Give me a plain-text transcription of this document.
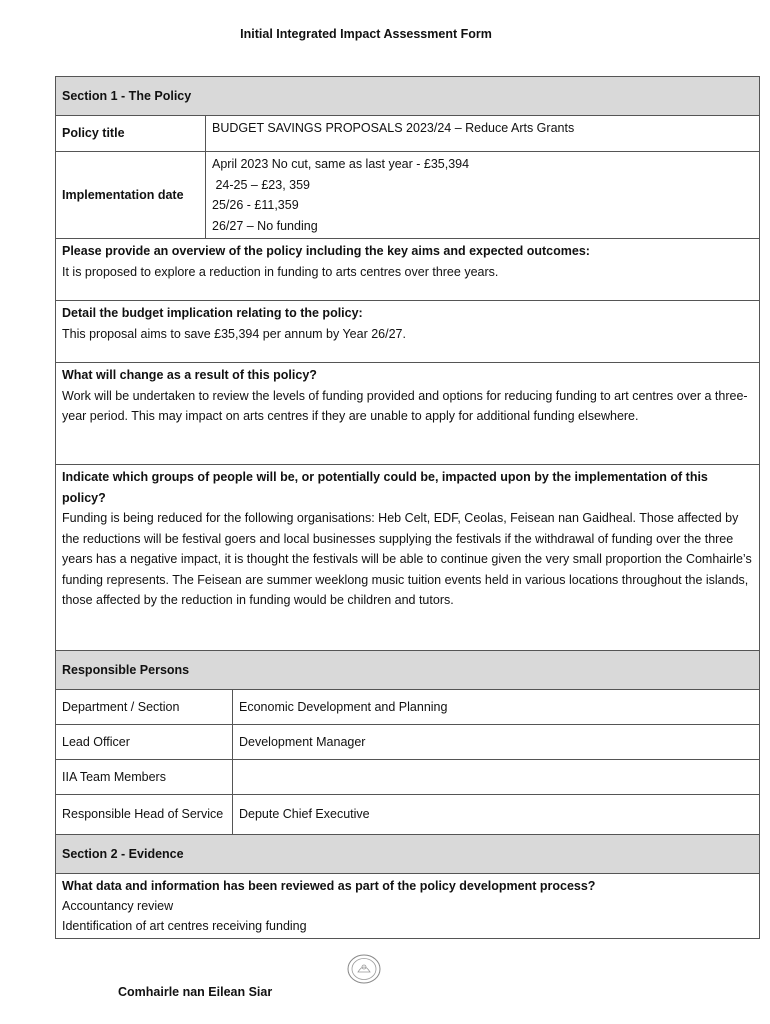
Initial Integrated Impact Assessment Form
Section 1 - The Policy		
Policy title	BUDGET SAVINGS PROPOSALS 2023/24 – Reduce Arts Grants	
Implementation date	April 2023 No cut, same as last year - £35,394
24-25 – £23, 359
25/26 - £11,359
26/27 – No funding	

Please provide an overview of the policy including the key aims and expected outcomes:
It is proposed to explore a reduction in funding to arts centres over three years.		

Detail the budget implication relating to the policy:
This proposal aims to save £35,394 per annum by Year 26/27.		

What will change as a result of this policy?
Work will be undertaken to review the levels of funding provided and options for reducing funding to art centres over a three-year period. This may impact on arts centres if they are unable to apply for additional funding elsewhere.		

Indicate which groups of people will be, or potentially could be, impacted upon by the implementation of this policy?
Funding is being reduced for the following organisations: Heb Celt, EDF, Ceolas, Feisean nan Gaidheal. Those affected by the reductions will be festival goers and local businesses supplying the festivals if the withdrawal of funding over the three years has a negative impact, it is thought the festivals will be able to continue given the very small proportion the Comhairle’s funding represents. The Feisean are summer weeklong music tuition events held in various locations throughout the islands, those affected by the reduction in funding would be children and tutors.		
Responsible Persons		
Department / Section		Economic Development and Planning
Lead Officer		Development Manager
IIA Team Members		
Responsible Head of Service		Depute Chief Executive
Section 2 - Evidence		

What data and information has been reviewed as part of the policy development process?
Accountancy review
Identification of art centres receiving funding		
Comhairle nan Eilean Siar
